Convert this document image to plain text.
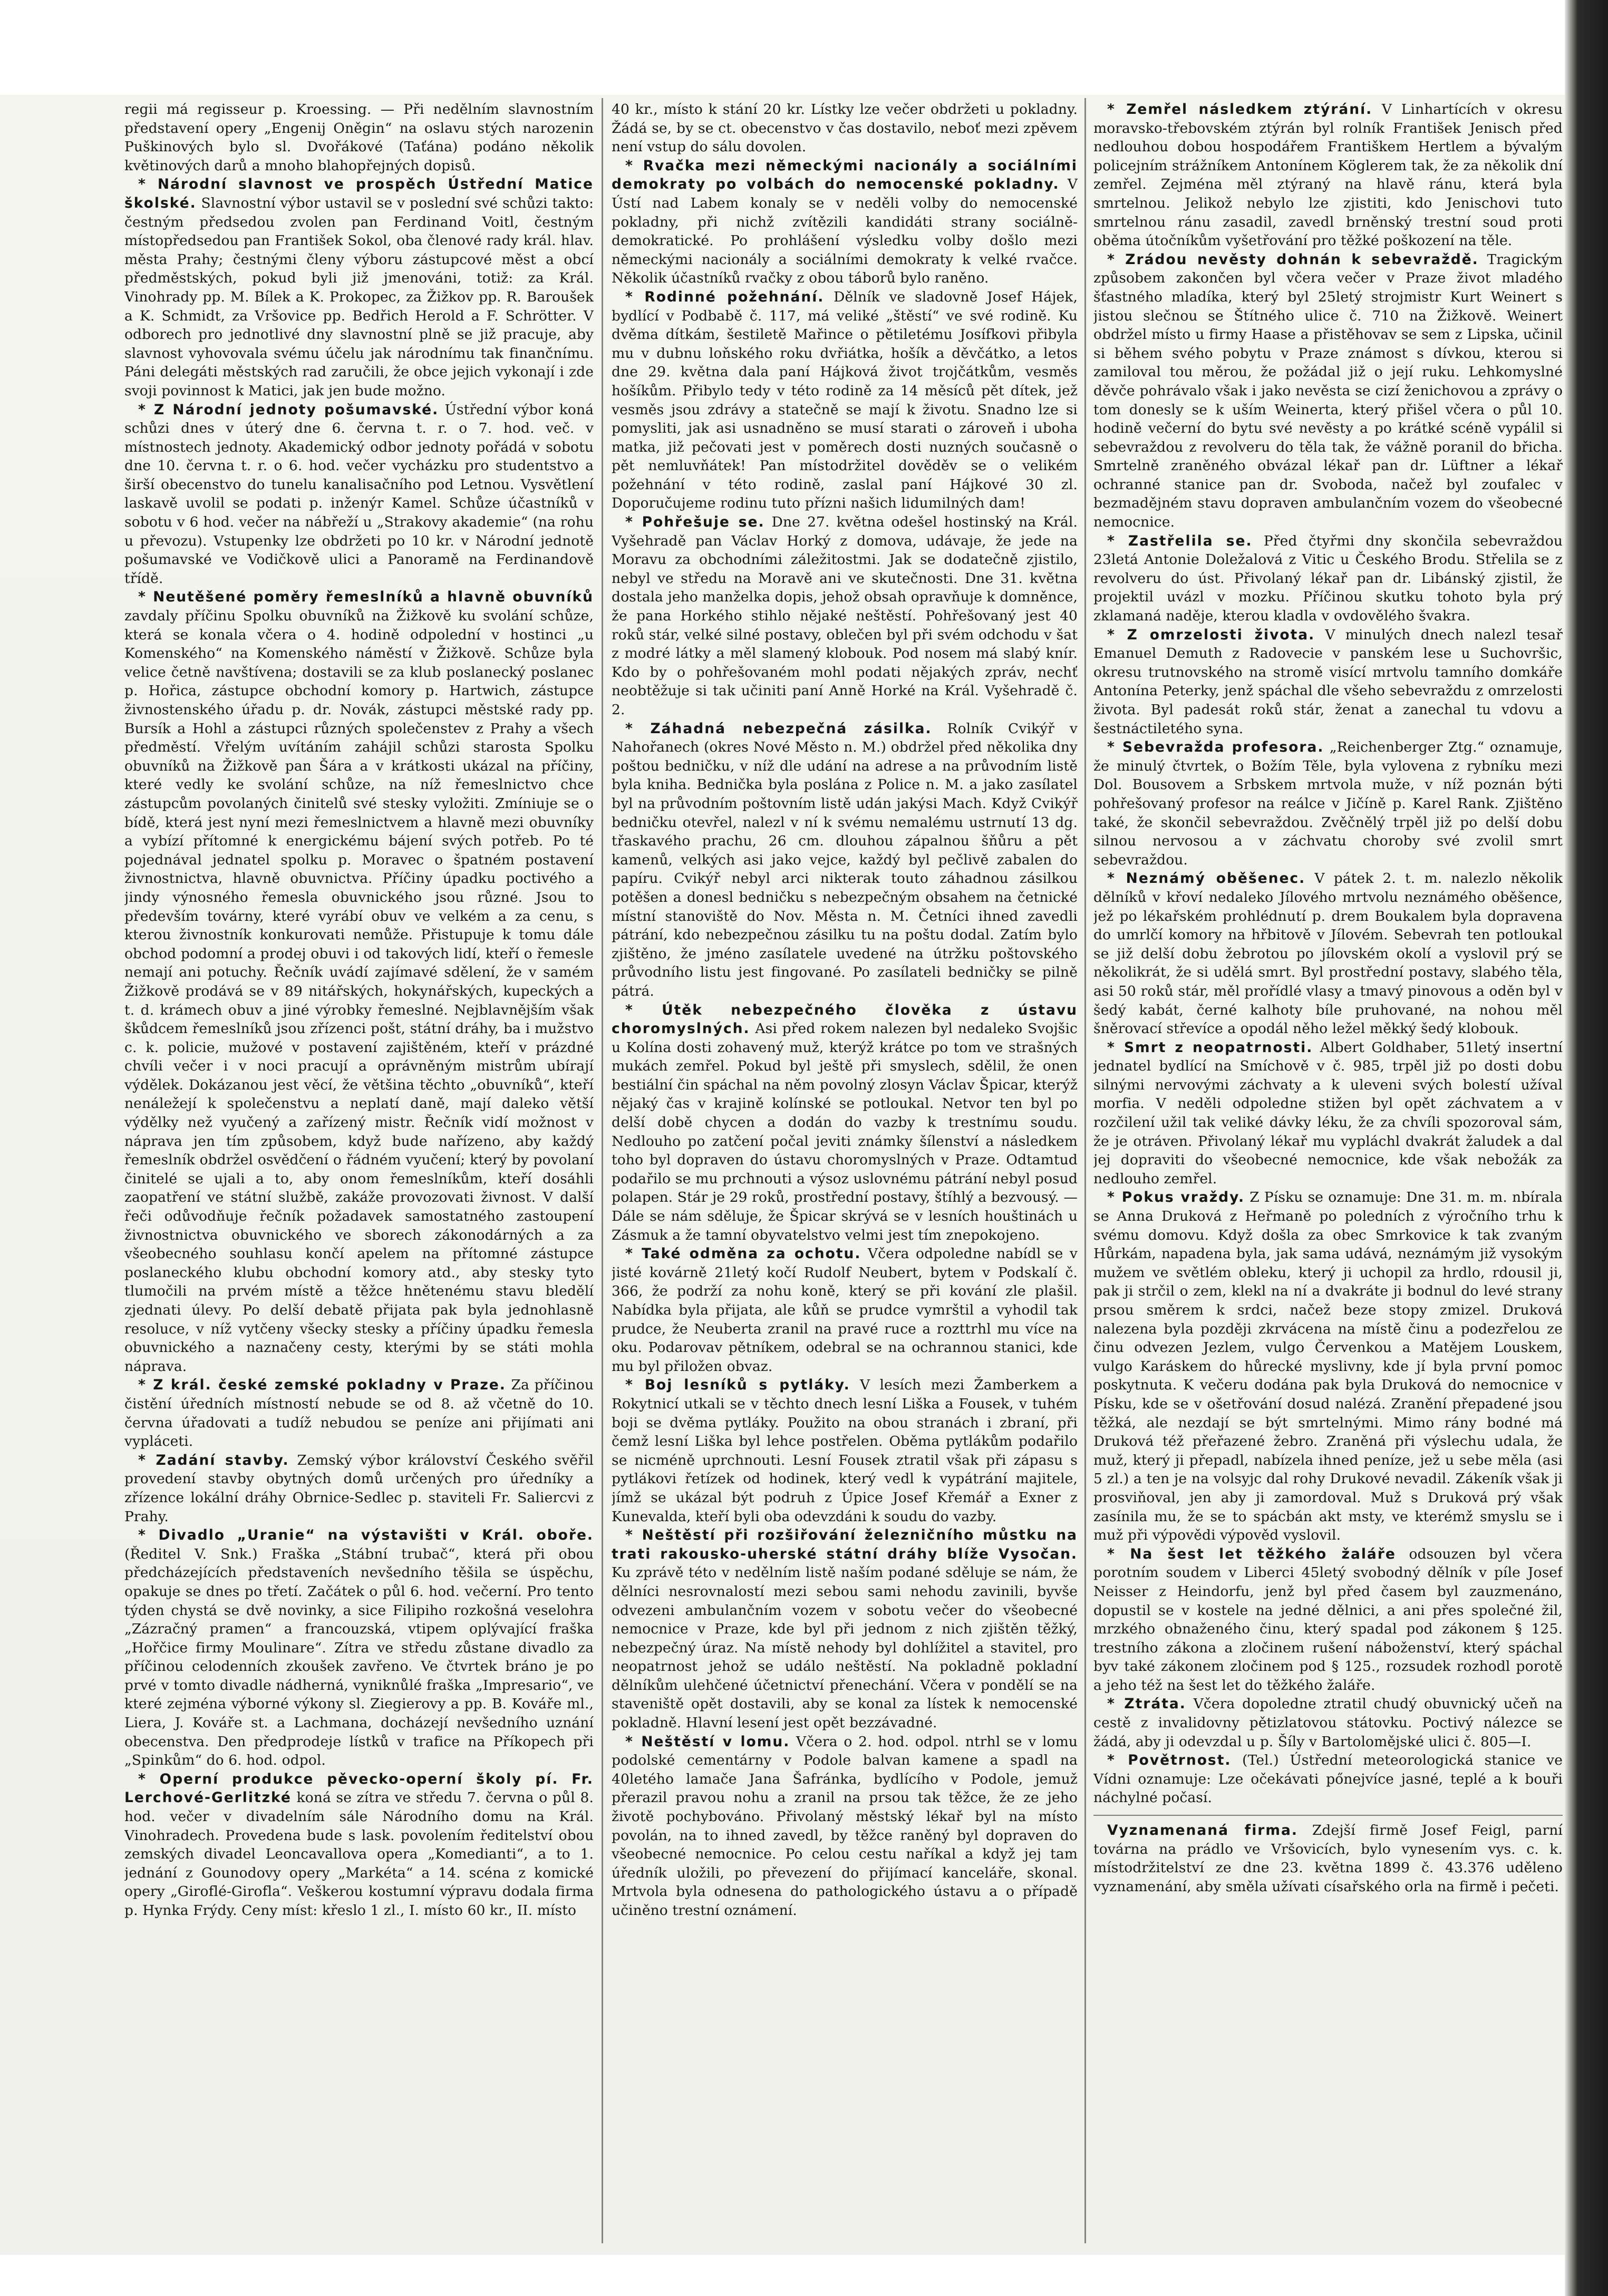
regii má regisseur p. Kroessing. — Při nedělním slavnostním představení opery „Engenij Oněgin“ na oslavu stých narozenin Puškinových bylo sl. Dvořákové (Taťána) podáno několik květinových darů a mnoho blahopřejných dopisů.

* Národní slavnost ve prospěch Ústřední Matice školské. Slavnostní výbor ustavil se v poslední své schůzi takto: čestným předsedou zvolen pan Ferdinand Voitl, čestným místopředsedou pan František Sokol, oba členové rady král. hlav. města Prahy; čestnými členy výboru zástupcové měst a obcí předměstských, pokud byli již jmenováni, totiž: za Král. Vinohrady pp. M. Bílek a K. Prokopec, za Žižkov pp. R. Baroušek a K. Schmidt, za Vršovice pp. Bedřich Herold a F. Schrötter. V odborech pro jednotlivé dny slavnostní plně se již pracuje, aby slavnost vyhovovala svému účelu jak národnímu tak finančnímu. Páni delegáti městských rad zaručili, že obce jejich vykonají i zde svoji povinnost k Matici, jak jen bude možno.

* Z Národní jednoty pošumavské. Ústřední výbor koná schůzi dnes v úterý dne 6. června t. r. o 7. hod. več. v místnostech jednoty. Akademický odbor jednoty pořádá v sobotu dne 10. června t. r. o 6. hod. večer vycházku pro studentstvo a širší obecenstvo do tunelu kanalisačního pod Letnou. Vysvětlení laskavě uvolil se podati p. inženýr Kamel. Schůze účastníků v sobotu v 6 hod. večer na nábřeží u „Strakovy akademie“ (na rohu u převozu). Vstupenky lze obdržeti po 10 kr. v Národní jednotě pošumavské ve Vodičkově ulici a Panoramě na Ferdinandově třídě.

* Neutěšené poměry řemeslníků a hlavně obuvníků zavdaly příčinu Spolku obuvníků na Žižkově ku svolání schůze, která se konala včera o 4. hodině odpolední v hostinci „u Komenského“ na Komenského náměstí v Žižkově. Schůze byla velice četně navštívena; dostavili se za klub poslanecký poslanec p. Hořica, zástupce obchodní komory p. Hartwich, zástupce živnostenského úřadu p. dr. Novák, zástupci městské rady pp. Bursík a Hohl a zástupci různých společenstev z Prahy a všech předměstí. Vřelým uvítáním zahájil schůzi starosta Spolku obuvníků na Žižkově pan Šára a v krátkosti ukázal na příčiny, které vedly ke svolání schůze, na níž řemeslnictvo chce zástupcům povolaných činitelů své stesky vyložiti. Zmíniuje se o bídě, která jest nyní mezi řemeslnictvem a hlavně mezi obuvníky a vybízí přítomné k energickému bájení svých potřeb. Po té pojednával jednatel spolku p. Moravec o špatném postavení živnostnictva, hlavně obuvnictva. Příčiny úpadku poctivého a jindy výnosného řemesla obuvnického jsou různé. Jsou to především továrny, které vyrábí obuv ve velkém a za cenu, s kterou živnostník konkurovati nemůže. Přistupuje k tomu dále obchod podomní a prodej obuvi i od takových lidí, kteří o řemesle nemají ani potuchy. Řečník uvádí zajímavé sdělení, že v samém Žižkově prodává se v 89 nitářských, hokynářských, kupeckých a t. d. krámech obuv a jiné výrobky řemeslné. Nejblavnějším však škůdcem řemeslníků jsou zřízenci pošt, státní dráhy, ba i mužstvo c. k. policie, mužové v postavení zajištěném, kteří v prázdné chvíli večer i v noci pracují a oprávněným mistrům ubírají výdělek. Dokázanou jest věcí, že většina těchto „obuvníků“, kteří nenáležejí k společenstvu a neplatí daně, mají daleko větší výdělky než vyučený a zařízený mistr. Řečník vidí možnost v náprava jen tím způsobem, když bude nařízeno, aby každý řemeslník obdržel osvědčení o řádném vyučení; který by povolaní činitelé se ujali a to, aby onom řemeslníkům, kteří dosáhli zaopatření ve státní službě, zakáže provozovati živnost. V další řeči odůvodňuje řečník požadavek samostatného zastoupení živnostnictva obuvnického ve sborech zákonodárných a za všeobecného souhlasu končí apelem na přítomné zástupce poslaneckého klubu obchodní komory atd., aby stesky tyto tlumočili na prvém místě a těžce hnětenému stavu bledělí zjednati úlevy. Po delší debatě přijata pak byla jednohlasně resoluce, v níž vytčeny všecky stesky a příčiny úpadku řemesla obuvnického a naznačeny cesty, kterými by se státi mohla náprava.

* Z král. české zemské pokladny v Praze. Za příčinou čistění úředních místností nebude se od 8. až včetně do 10. června úřadovati a tudíž nebudou se peníze ani přijímati ani vypláceti.

* Zadání stavby. Zemský výbor království Českého svěřil provedení stavby obytných domů určených pro úředníky a zřízence lokální dráhy Obrnice-Sedlec p. staviteli Fr. Saliercvi z Prahy.

* Divadlo „Uranie“ na výstavišti v Král. oboře. (Ředitel V. Snk.) Fraška „Stábní trubač“, která při obou předcházejících představeních nevšedního těšila se úspěchu, opakuje se dnes po třetí. Začátek o půl 6. hod. večerní. Pro tento týden chystá se dvě novinky, a sice Filipiho rozkošná veselohra „Zázračný pramen“ a francouzská, vtipem oplývající fraška „Hořčice firmy Moulinare“. Zítra ve středu zůstane divadlo za příčinou celodenních zkoušek zavřeno. Ve čtvrtek bráno je po prvé v tomto divadle nádherná, vyniknůlé fraška „Impresario“, ve které zejména výborné výkony sl. Ziegierovy a pp. B. Kováře ml., Liera, J. Kováře st. a Lachmana, docházejí nevšedního uznání obecenstva. Den předprodeje lístků v trafice na Příkopech při „Spinkům“ do 6. hod. odpol.

* Operní produkce pěvecko-operní školy pí. Fr. Lerchové-Gerlitzké koná se zítra ve středu 7. června o půl 8. hod. večer v divadelním sále Národního domu na Král. Vinohradech. Provedena bude s lask. povolením ředitelství obou zemských divadel Leoncavallova opera „Komedianti“, a to 1. jednání z Gounodovy opery „Markéta“ a 14. scéna z komické opery „Giroflé-Girofla“. Veškerou kostumní výpravu dodala firma p. Hynka Frýdy. Ceny míst: křeslo 1 zl., I. místo 60 kr., II. místo

40 kr., místo k stání 20 kr. Lístky lze večer obdržeti u pokladny. Žádá se, by se ct. obecenstvo v čas dostavilo, neboť mezi zpěvem není vstup do sálu dovolen.

* Rvačka mezi německými nacionály a sociálními demokraty po volbách do nemocenské pokladny. V Ústí nad Labem konaly se v neděli volby do nemocenské pokladny, při nichž zvítězili kandidáti strany sociálně-demokratické. Po prohlášení výsledku volby došlo mezi německými nacionály a sociálními demokraty k velké rvačce. Několik účastníků rvačky z obou táborů bylo raněno.

* Rodinné požehnání. Dělník ve sladovně Josef Hájek, bydlící v Podbabě č. 117, má veliké „štěstí“ ve své rodině. Ku dvěma dítkám, šestiletě Mařince o pětiletému Josífkovi přibyla mu v dubnu loňského roku dvřiátka, hošík a děvčátko, a letos dne 29. května dala paní Hájková život trojčátkům, vesměs hošíkům. Přibylo tedy v této rodině za 14 měsíců pět dítek, jež vesměs jsou zdrávy a statečně se mají k životu. Snadno lze si pomysliti, jak asi usnadněno se musí starati o zároveň i uboha matka, již pečovati jest v poměrech dosti nuzných současně o pět nemluvňátek! Pan místodržitel dověděv se o velikém požehnání v této rodině, zaslal paní Hájkové 30 zl. Doporučujeme rodinu tuto přízni našich lidumilných dam!

* Pohřešuje se. Dne 27. května odešel hostinský na Král. Vyšehradě pan Václav Horký z domova, udávaje, že jede na Moravu za obchodními záležitostmi. Jak se dodatečně zjistilo, nebyl ve středu na Moravě ani ve skutečnosti. Dne 31. května dostala jeho manželka dopis, jehož obsah opravňuje k domněnce, že pana Horkého stihlo nějaké neštěstí. Pohřešovaný jest 40 roků stár, velké silné postavy, oblečen byl při svém odchodu v šat z modré látky a měl slamený klobouk. Pod nosem má slabý knír. Kdo by o pohřešovaném mohl podati nějakých zpráv, nechť neobtěžuje si tak učiniti paní Anně Horké na Král. Vyšehradě č. 2.

* Záhadná nebezpečná zásilka. Rolník Cvikýř v Nahořanech (okres Nové Město n. M.) obdržel před několika dny poštou bedničku, v níž dle udání na adrese a na průvodním listě byla kniha. Bednička byla poslána z Police n. M. a jako zasílatel byl na průvodním poštovním listě udán jakýsi Mach. Když Cvikýř bedničku otevřel, nalezl v ní k svému nemalému ustrnutí 13 dg. třaskavého prachu, 26 cm. dlouhou zápalnou šňůru a pět kamenů, velkých asi jako vejce, každý byl pečlivě zabalen do papíru. Cvikýř nebyl arci nikterak touto záhadnou zásilkou potěšen a donesl bedničku s nebezpečným obsahem na četnické místní stanoviště do Nov. Města n. M. Četníci ihned zavedli pátrání, kdo nebezpečnou zásilku tu na poštu dodal. Zatím bylo zjištěno, že jméno zasílatele uvedené na útržku poštovského průvodního listu jest fingované. Po zasílateli bedničky se pilně pátrá.

* Útěk nebezpečného člověka z ústavu choromyslných. Asi před rokem nalezen byl nedaleko Svojšic u Kolína dosti zohavený muž, kterýž krátce po tom ve strašných mukách zemřel. Pokud byl ještě při smyslech, sdělil, že onen bestiální čin spáchal na něm povolný zlosyn Václav Špicar, kterýž nějaký čas v krajině kolínské se potloukal. Netvor ten byl po delší době chycen a dodán do vazby k trestnímu soudu. Nedlouho po zatčení počal jeviti známky šílenství a následkem toho byl dopraven do ústavu choromyslných v Praze. Odtamtud podařilo se mu prchnouti a výsoz uslovnému pátrání nebyl posud polapen. Stár je 29 roků, prostřední postavy, štíhlý a bezvousý. — Dále se nám sděluje, že Špicar skrývá se v lesních houštinách u Zásmuk a že tamní obyvatelstvo velmi jest tím znepokojeno.

* Také odměna za ochotu. Včera odpoledne nabídl se v jisté kovárně 21letý kočí Rudolf Neubert, bytem v Podskalí č. 366, že podrží za nohu koně, který se při kování zle plašil. Nabídka byla přijata, ale kůň se prudce vymrštil a vyhodil tak prudce, že Neuberta zranil na pravé ruce a rozttrhl mu více na oku. Podarovav pětníkem, odebral se na ochrannou stanici, kde mu byl přiložen obvaz.

* Boj lesníků s pytláky. V lesích mezi Žamberkem a Rokytnicí utkali se v těchto dnech lesní Liška a Fousek, v tuhém boji se dvěma pytláky. Použito na obou stranách i zbraní, při čemž lesní Liška byl lehce postřelen. Oběma pytlákům podařilo se nicméně uprchnouti. Lesní Fousek ztratil však při zápasu s pytlákovi řetízek od hodinek, který vedl k vypátrání majitele, jímž se ukázal být podruh z Úpice Josef Křemář a Exner z Kunevalda, kteří byli oba odevzdáni k soudu do vazby.

* Neštěstí při rozšiřování železničního můstku na trati rakousko-uherské státní dráhy blíže Vysočan. Ku zprávě této v nedělním listě naším podané sděluje se nám, že dělníci nesrovnalostí mezi sebou sami nehodu zavinili, byvše odvezeni ambulančním vozem v sobotu večer do všeobecné nemocnice v Praze, kde byl při jednom z nich zjištěn těžký, nebezpečný úraz. Na místě nehody byl dohlížitel a stavitel, pro neopatrnost jehož se událo neštěstí. Na pokladně pokladní dělníkům ulehčené účetnictví přenechání. Včera v pondělí se na staveniště opět dostavili, aby se konal za lístek k nemocenské pokladně. Hlavní lesení jest opět bezzávadné.

* Neštěstí v lomu. Včera o 2. hod. odpol. ntrhl se v lomu podolské cementárny v Podole balvan kamene a spadl na 40letého lamače Jana Šafránka, bydlícího v Podole, jemuž přerazil pravou nohu a zranil na prsou tak těžce, že ze jeho životě pochybováno. Přivolaný městský lékař byl na místo povolán, na to ihned zavedl, by těžce raněný byl dopraven do všeobecné nemocnice. Po celou cestu naříkal a když jej tam úředník uložili, po převezení do přijímací kanceláře, skonal. Mrtvola byla odnesena do pathologického ústavu a o případě učiněno trestní oznámení.

* Zemřel následkem ztýrání. V Linhartících v okresu moravsko-třebovském ztýrán byl rolník František Jenisch před nedlouhou dobou hospodářem Františkem Hertlem a bývalým policejním strážníkem Antonínem Köglerem tak, že za několik dní zemřel. Zejména měl ztýraný na hlavě ránu, která byla smrtelnou. Jelikož nebylo lze zjistiti, kdo Jenischovi tuto smrtelnou ránu zasadil, zavedl brněnský trestní soud proti oběma útočníkům vyšetřování pro těžké poškození na těle.

* Zrádou nevěsty dohnán k sebevraždě. Tragickým způsobem zakončen byl včera večer v Praze život mladého šťastného mladíka, který byl 25letý strojmistr Kurt Weinert s jistou slečnou se Štítného ulice č. 710 na Žižkově. Weinert obdržel místo u firmy Haase a přistěhovav se sem z Lipska, učinil si během svého pobytu v Praze známost s dívkou, kterou si zamiloval tou měrou, že požádal již o její ruku. Lehkomyslné děvče pohrávalo však i jako nevěsta se cizí ženichovou a zprávy o tom donesly se k uším Weinerta, který přišel včera o půl 10. hodině večerní do bytu své nevěsty a po krátké scéně vypálil si sebevraždou z revolveru do těla tak, že vážně poranil do břicha. Smrtelně zraněného obvázal lékař pan dr. Lüftner a lékař ochranné stanice pan dr. Svoboda, načež byl zoufalec v bezmadějném stavu dopraven ambulančním vozem do všeobecné nemocnice.

* Zastřelila se. Před čtyřmi dny skončila sebevraždou 23letá Antonie Doležalová z Vitic u Českého Brodu. Střelila se z revolveru do úst. Přivolaný lékař pan dr. Libánský zjistil, že projektil uvázl v mozku. Příčinou skutku tohoto byla prý zklamaná naděje, kterou kladla v ovdovělého švakra.

* Z omrzelosti života. V minulých dnech nalezl tesař Emanuel Demuth z Radovecie v panském lese u Suchovršic, okresu trutnovského na stromě visící mrtvolu tamního domkáře Antonína Peterky, jenž spáchal dle všeho sebevraždu z omrzelosti života. Byl padesát roků stár, ženat a zanechal tu vdovu a šestnáctiletého syna.

* Sebevražda profesora. „Reichenberger Ztg.“ oznamuje, že minulý čtvrtek, o Božím Těle, byla vylovena z rybníku mezi Dol. Bousovem a Srbskem mrtvola muže, v níž poznán býti pohřešovaný profesor na reálce v Jičíně p. Karel Rank. Zjištěno také, že skončil sebevraždou. Zvěčnělý trpěl již po delší dobu silnou nervosou a v záchvatu choroby své zvolil smrt sebevraždou.

* Neznámý oběšenec. V pátek 2. t. m. nalezlo několik dělníků v křoví nedaleko Jílového mrtvolu neznámého oběšence, jež po lékařském prohlédnutí p. drem Boukalem byla dopravena do umrlčí komory na hřbitově v Jílovém. Sebevrah ten potloukal se již delší dobu žebrotou po jílovském okolí a vyslovil prý se několikrát, že si udělá smrt. Byl prostřední postavy, slabého těla, asi 50 roků stár, měl prořídlé vlasy a tmavý pinovous a oděn byl v šedý kabát, černé kalhoty bíle pruhované, na nohou měl šněrovací střevíce a opodál něho ležel měkký šedý klobouk.

* Smrt z neopatrnosti. Albert Goldhaber, 51letý insertní jednatel bydlící na Smíchově v č. 985, trpěl již po dosti dobu silnými nervovými záchvaty a k uleveni svých bolestí užíval morfia. V neděli odpoledne stižen byl opět záchvatem a v rozčilení užil tak veliké dávky léku, že za chvíli spozoroval sám, že je otráven. Přivolaný lékař mu vypláchl dvakrát žaludek a dal jej dopraviti do všeobecné nemocnice, kde však nebožák za nedlouho zemřel.

* Pokus vraždy. Z Písku se oznamuje: Dne 31. m. m. nbírala se Anna Druková z Heřmaně po poledních z výročního trhu k svému domovu. Když došla za obec Smrkovice k tak zvaným Hůrkám, napadena byla, jak sama udává, neznámým již vysokým mužem ve světlém obleku, který ji uchopil za hrdlo, rdousil ji, pak ji strčil o zem, klekl na ní a dvakráte ji bodnul do levé strany prsou směrem k srdci, načež beze stopy zmizel. Druková nalezena byla později zkrvácena na místě činu a podezřelou ze činu odvezen Jezlem, vulgo Červenkou a Matějem Louskem, vulgo Karáskem do hůrecké myslivny, kde jí byla první pomoc poskytnuta. K večeru dodána pak byla Druková do nemocnice v Písku, kde se v ošetřování dosud nalézá. Zranění přepadené jsou těžká, ale nezdají se být smrtelnými. Mimo rány bodné má Druková též přeřazené žebro. Zraněná při výslechu udala, že muž, který ji přepadl, nabízela ihned peníze, jež u sebe měla (asi 5 zl.) a ten je na volsyjc dal rohy Drukové nevadil. Zákeník však ji prosviňoval, jen aby ji zamordoval. Muž s Druková prý však zasínila mu, že se to spácbán akt msty, ve kterémž smyslu se i muž při výpovědi výpověd vyslovil.

* Na šest let těžkého žaláře odsouzen byl včera porotním soudem v Liberci 45letý svobodný dělník v píle Josef Neisser z Heindorfu, jenž byl před časem byl zauzmenáno, dopustil se v kostele na jedné dělnici, a ani přes společné žil, mrzkého obnaženého činu, který spadal pod zákonem § 125. trestního zákona a zločinem rušení náboženství, který spáchal byv také zákonem zločinem pod § 125., rozsudek rozhodl porotě a jeho též na šest let do těžkého žaláře.

* Ztráta. Včera dopoledne ztratil chudý obuvnický učeň na cestě z invalidovny pětizlatovou státovku. Poctivý nálezce se žádá, aby ji odevzdal u p. Šíly v Bartolomějské ulici č. 805—I.

* Povětrnost. (Tel.) Ústřední meteorologická stanice ve Vídni oznamuje: Lze očekávati pőnejvíce jasné, teplé a k bouři náchylné počasí.

Vyznamenaná firma. Zdejší firmě Josef Feigl, parní továrna na prádlo ve Vršovicích, bylo vynesením vys. c. k. místodržitelství ze dne 23. května 1899 č. 43.376 uděleno vyznamenání, aby směla užívati císařského orla na firmě i pečeti.
